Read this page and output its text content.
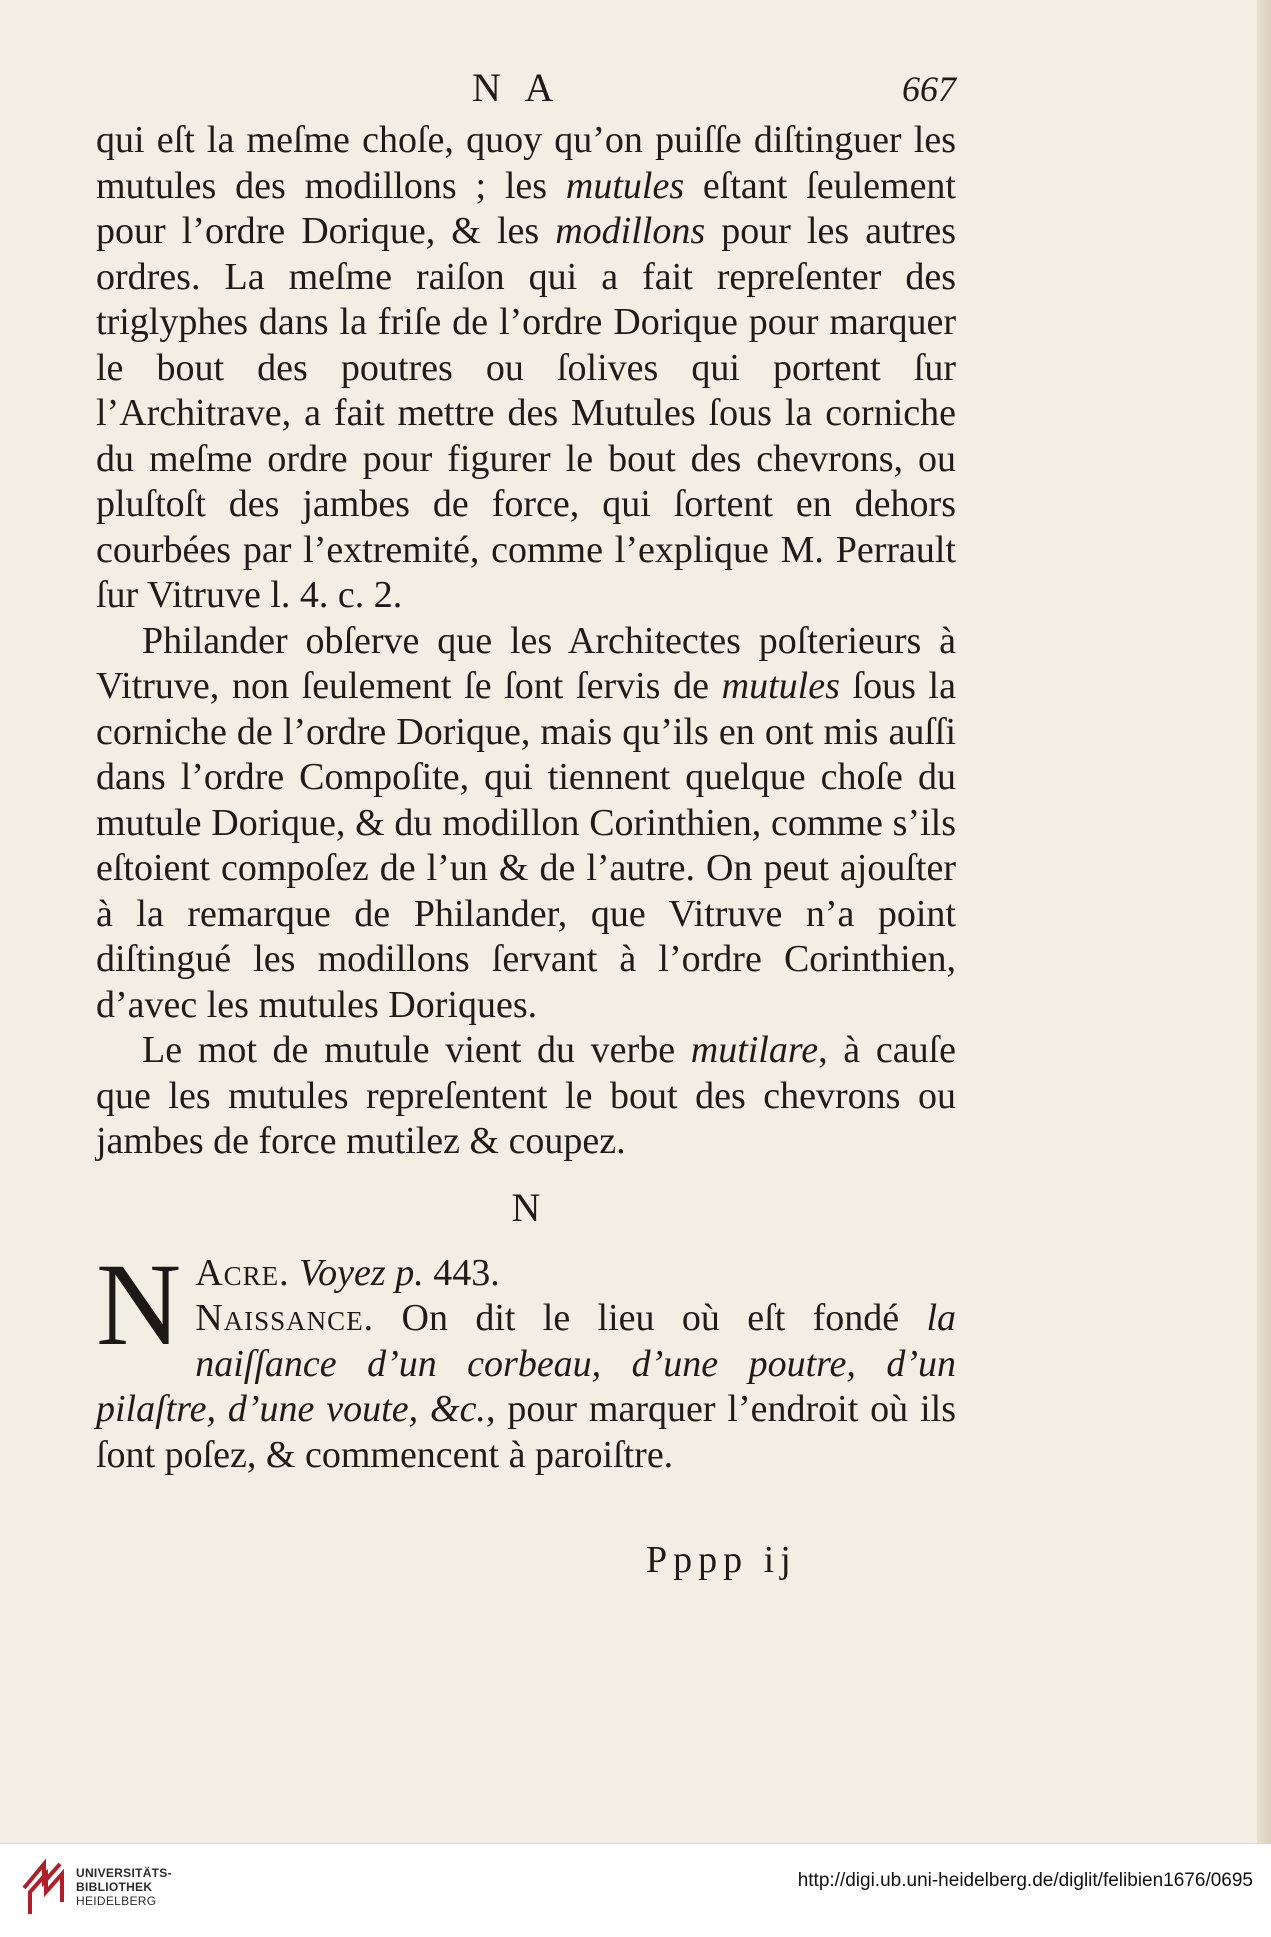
N A	667

qui eſt la meſme choſe, quoy qu’on puiſſe diſtinguer les mutules des modillons ; les mutules eſtant ſeulement pour l’ordre Dorique, & les modillons pour les autres ordres. La meſme raiſon qui a fait repreſenter des triglyphes dans la friſe de l’ordre Dorique pour marquer le bout des poutres ou ſolives qui portent ſur l’Architrave, a fait mettre des Mutules ſous la corniche du meſme ordre pour figurer le bout des chevrons, ou pluſtoſt des jambes de force, qui ſortent en dehors courbées par l’extremité, comme l’explique M. Perrault ſur Vitruve l. 4. c. 2.

Philander obſerve que les Architectes poſterieurs à Vitruve, non ſeulement ſe ſont ſervis de mutules ſous la corniche de l’ordre Dorique, mais qu’ils en ont mis auſſi dans l’ordre Compoſite, qui tiennent quelque choſe du mutule Dorique, & du modillon Corinthien, comme s’ils eſtoient compoſez de l’un & de l’autre. On peut ajouſter à la remarque de Philander, que Vitruve n’a point diſtingué les modillons ſervant à l’ordre Corinthien, d’avec les mutules Doriques.

Le mot de mutule vient du verbe mutilare, à cauſe que les mutules repreſentent le bout des chevrons ou jambes de force mutilez & coupez.

N
N Acre. Voyez p. 443.

Naissance. On dit le lieu où eſt fondé la naiſſance d’un corbeau, d’une poutre, d’un pilaſtre, d’une voute, &c., pour marquer l’endroit où ils ſont poſez, & commencent à paroiſtre.

Pppp ij
UNIVERSITÄTS-
BIBLIOTHEK
HEIDELBERG
http://digi.ub.uni-heidelberg.de/diglit/felibien1676/0695
